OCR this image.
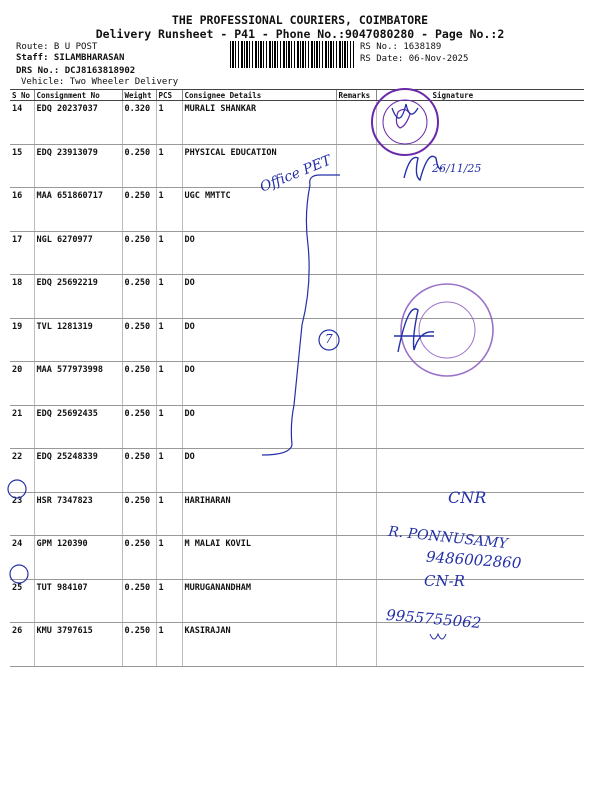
THE PROFESSIONAL COURIERS, COIMBATORE
Delivery Runsheet - P41 - Phone No.:9047080280 - Page No.:2
Route: B U POST
Staff: SILAMBHARASAN
DRS No.: DCJ8163818902
Vehicle: Two Wheeler Delivery
RS No.: 1638189
RS Date: 06-Nov-2025
S No	Consignment No	Weight	PCS	Consignee Details	Remarks	Signature
14	EDQ 20237037	0.320	1	MURALI SHANKAR		
15	EDQ 23913079	0.250	1	PHYSICAL EDUCATION		
16	MAA 651860717	0.250	1	UGC MMTTC		
17	NGL 6270977	0.250	1	DO		
18	EDQ 25692219	0.250	1	DO		
19	TVL 1281319	0.250	1	DO		
20	MAA 577973998	0.250	1	DO		
21	EDQ 25692435	0.250	1	DO		
22	EDQ 25248339	0.250	1	DO		
23	HSR 7347823	0.250	1	HARIHARAN		
24	GPM 120390	0.250	1	M MALAI KOVIL		
25	TUT 984107	0.250	1	MURUGANANDHAM		
26	KMU 3797615	0.250	1	KASIRAJAN		
Office PET	26/11/25
7
CNR
R. PONNUSAMY
9486002860
CN-R
9955755062
